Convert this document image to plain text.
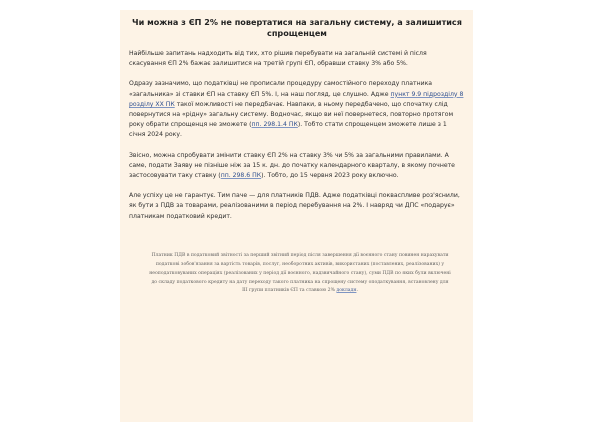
Чи можна з ЄП 2% не повертатися на загальну систему, а залишитися спрощенцем

Найбільше запитань надходить від тих, хто рішив перебувати на загальній системі й після скасування ЄП 2% бажає залишитися на третій групі ЄП, обравши ставку 3% або 5%.

Одразу зазначимо, що податківці не прописали процедуру самостійного переходу платника «загальника» зі ставки ЄП на ставку ЄП 5%. І, на наш погляд, це слушно. Адже пункт 9.9 підрозділу 8 розділу ХХ ПК такої можливості не передбачає. Навпаки, в ньому передбачено, що спочатку слід повернутися на «рідну» загальну систему. Водночас, якщо ви неї повернетеся, повторно протягом року обрати спрощенця не зможете (пп. 298.1.4 ПК). Тобто стати спрощенцем зможете лише з 1 січня 2024 року.

Звісно, можна спробувати змінити ставку ЄП 2% на ставку 3% чи 5% за загальними правилами. А саме, подати Заяву не пізніше ніж за 15 к. дн. до початку календарного кварталу, в якому почнете застосовувати таку ставку (пп. 298.6 ПК). Тобто, до 15 червня 2023 року включно.

Але успіху це не гарантує. Тим паче — для платників ПДВ. Адже податківці покваспливе роз'яснили, як бути з ПДВ за товарами, реалізованими в період перебування на 2%. І навряд чи ДПС «подарує» платникам податковий кредит.

Платник ПДВ в податковий звітності за перший звітний період після завершення дії воєнного стану повинен нарахувати податкові зобов'язання за вартість товарів, послуг, необоротних активів, використаних (поставлених, реалізованих) у неоподатковуваних операціях (реалізованих у період дії воєнного, надзвичайного стану), суми ПДВ по яких були включені до складу податкового кредиту на дату переходу такого платника на спрощену систему оподаткування, встановлену для ІІІ групи платників ЄП та ставкою 2% докладн.
